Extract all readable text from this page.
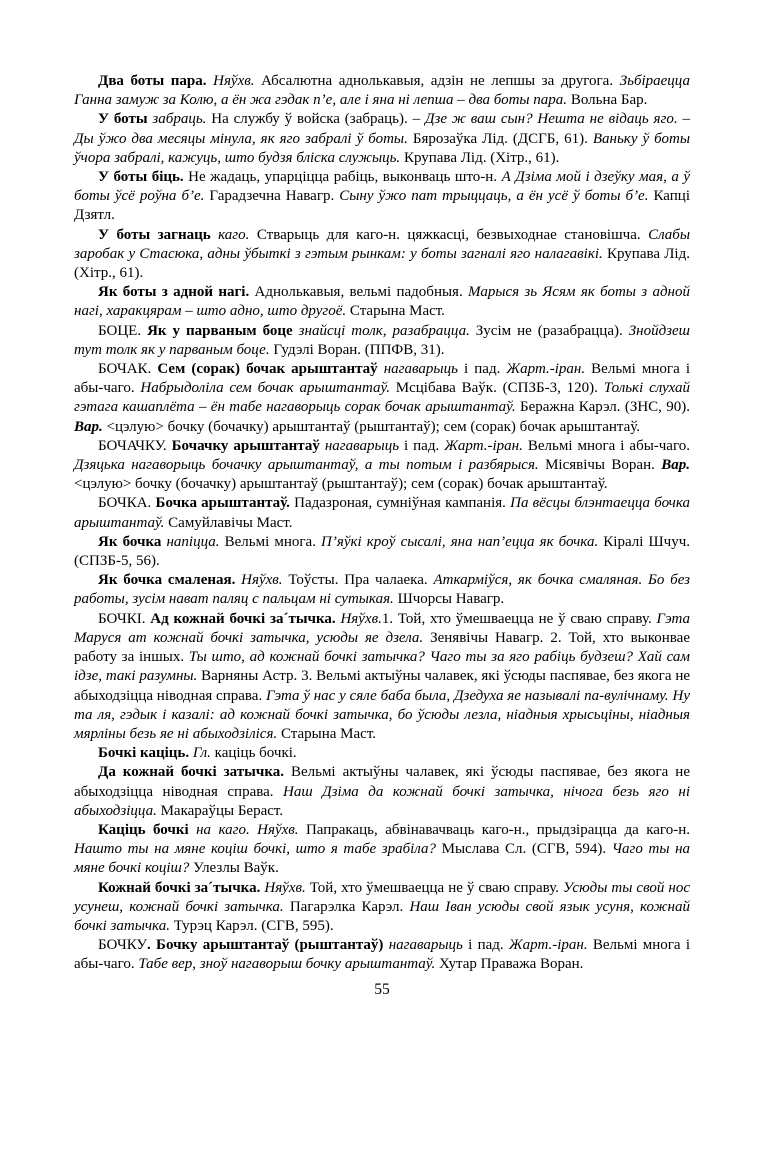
Два боты пара. Няўхв. Абсалютна аднолькавыя, адзін не лепшы за другога. Зьбіраецца Ганна замуж за Колю, а ён жа гэдак п’е, але і яна ні лепша – два боты пара. Вольна Бар.

У боты забраць. На службу ў войска (забраць). – Дзе ж ваш сын? Нешта не відаць яго. – Ды ўжо два месяцы мінула, як яго забралі ў боты. Бярозаўка Лід. (ДСГБ, 61). Ваньку ў боты ўчора забралі, кажуць, што будзя бліска служыць. Крупава Лід. (Хітр., 61).

У боты біць. Не жадаць, упарціцца рабіць, выконваць што-н. А Дзіма мой і дзеўку мая, а ў боты ўсё роўна б’е. Гарадзечна Навагр. Сыну ўжо пат трыццаць, а ён усё ў боты б’е. Капці Дзятл.

У боты загнаць каго. Стварыць для каго-н. цяжкасці, безвыходнае становішча. Слабы заробак у Стасюка, адны ўбыткі з гэтым рынкам: у боты загналі яго налагавікі. Крупава Лід. (Хітр., 61).

Як боты з адной нагі. Аднолькавыя, вельмі падобныя. Марыся зь Ясям як боты з адной нагі, харакцярам – што адно, што другоё. Старына Маст.

БОЦЕ. Як у парваным боце знайсці толк, разабрацца. Зусім не (разабрацца). Знойдзеш тут толк як у парваным боце. Гудэлі Воран. (ППФВ, 31).

БОЧАК. Сем (сорак) бочак арыштантаў нагаварыць і пад. Жарт.-іран. Вельмі многа і абы-чаго. Набрыдоліла сем бочак арыштантаў. Мсцібава Ваўк. (СПЗБ-3, 120). Толькі слухай гэтага кашаплёта – ён табе нагаворыць сорак бочак арыштантаў. Беражна Карэл. (ЗНС, 90). Вар. <цэлую> бочку (бочачку) арыштантаў (рыштантаў); сем (сорак) бочак арыштантаў.

БОЧАЧКУ. Бочачку арыштантаў нагаварыць і пад. Жарт.-іран. Вельмі многа і абы-чаго. Дзяцька нагаворыць бочачку арыштантаў, а ты потым і разбярыся. Місявічы Воран. Вар. <цэлую> бочку (бочачку) арыштантаў (рыштантаў); сем (сорак) бочак арыштантаў.

БОЧКА. Бочка арыштантаў. Падазроная, сумніўная кампанія. Па вёсцы блэнтаецца бочка арыштантаў. Самуйлавічы Маст.

Як бочка напіцца. Вельмі многа. П’яўкі кроў сысалі, яна нап’ецца як бочка. Кіралі Шчуч. (СПЗБ-5, 56).

Як бочка смаленая. Няўхв. Тоўсты. Пра чалаека. Аткарміўся, як бочка смаляная. Бо без работы, зусім нават паляц с пальцам ні сутыкая. Шчорсы Навагр.

БОЧКІ. Ад кожнай бочкі за´тычка. Няўхв.1. Той, хто ўмешваецца не ў сваю справу. Гэта Маруся ат кожнай бочкі затычка, усюды яе дзела. Зенявічы Навагр. 2. Той, хто выконвае работу за іншых. Ты што, ад кожнай бочкі затычка? Чаго ты за яго рабіць будзеш? Хай сам ідзе, такі разумны. Варняны Астр. 3. Вельмі актыўны чалавек, які ўсюды паспявае, без якога не абыходзіцца ніводная справа. Гэта ў нас у сяле баба была, Дзедуха яе называлі па-вулічнаму. Ну та ля, гэдык і казалі: ад кожнай бочкі затычка, бо ўсюды лезла, ніадныя хрысьціны, ніадныя мярліны безь яе ні абыходзіліся. Старына Маст.

Бочкі каціць. Гл. каціць бочкі.

Да кожнай бочкі затычка. Вельмі актыўны чалавек, які ўсюды паспявае, без якога не абыходзіцца ніводная справа. Наш Дзіма да кожнай бочкі затычка, нічога безь яго ні абыходзіцца. Макараўцы Бераст.

Каціць бочкі на каго. Няўхв. Папракаць, абвінавачваць каго-н., прыдзірацца да каго-н. Нашто ты на мяне коціш бочкі, што я табе зрабіла? Мыслава Сл. (СГВ, 594). Чаго ты на мяне бочкі коціш? Улезлы Ваўк.

Кожнай бочкі за´тычка. Няўхв. Той, хто ўмешваецца не ў сваю справу. Усюды ты свой нос усунеш, кожнай бочкі затычка. Пагарэлка Карэл. Наш Іван усюды свой язык усуня, кожнай бочкі затычка. Турэц Карэл. (СГВ, 595).

БОЧКУ. Бочку арыштантаў (рыштантаў) нагаварыць і пад. Жарт.-іран. Вельмі многа і абы-чаго. Табе вер, зноў нагаворыш бочку арыштантаў. Хутар Праважа Воран.

55
